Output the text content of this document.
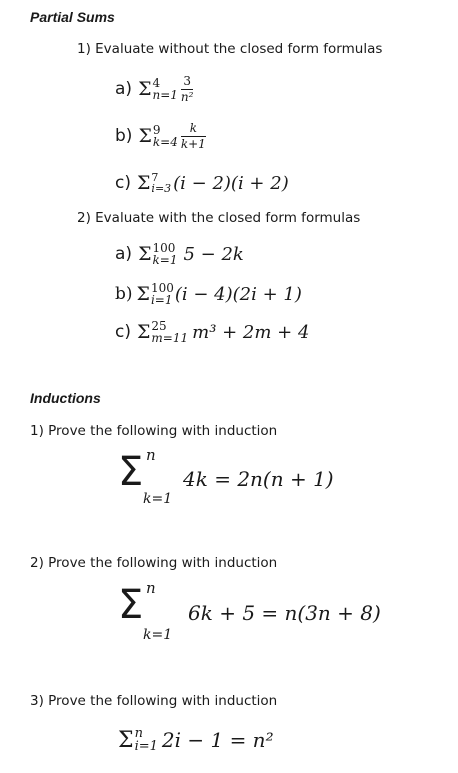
Partial Sums
1) Evaluate without the closed form formulas
a) Σ 4
$n=1 \frac{3}{\text{n²}}$
b) Σ 9
$k=4 \frac{k}{k+1}$
c) Σ 7
i=3 (i − 2)(i + 2)
2) Evaluate with the closed form formulas
a) Σ 100
k=1 5 − 2k
b) Σ 100
i=1 (i − 4)(2i + 1)
c) Σ 25
m=11 m³ + 2m + 4
Inductions
1) Prove the following with induction
Σ n
k=1
4k = 2n(n + 1)
2) Prove the following with induction
Σ n
k=1
6k + 5 = n(3n + 8)
3) Prove the following with induction
Σ n
i=1 2i − 1 = n²
